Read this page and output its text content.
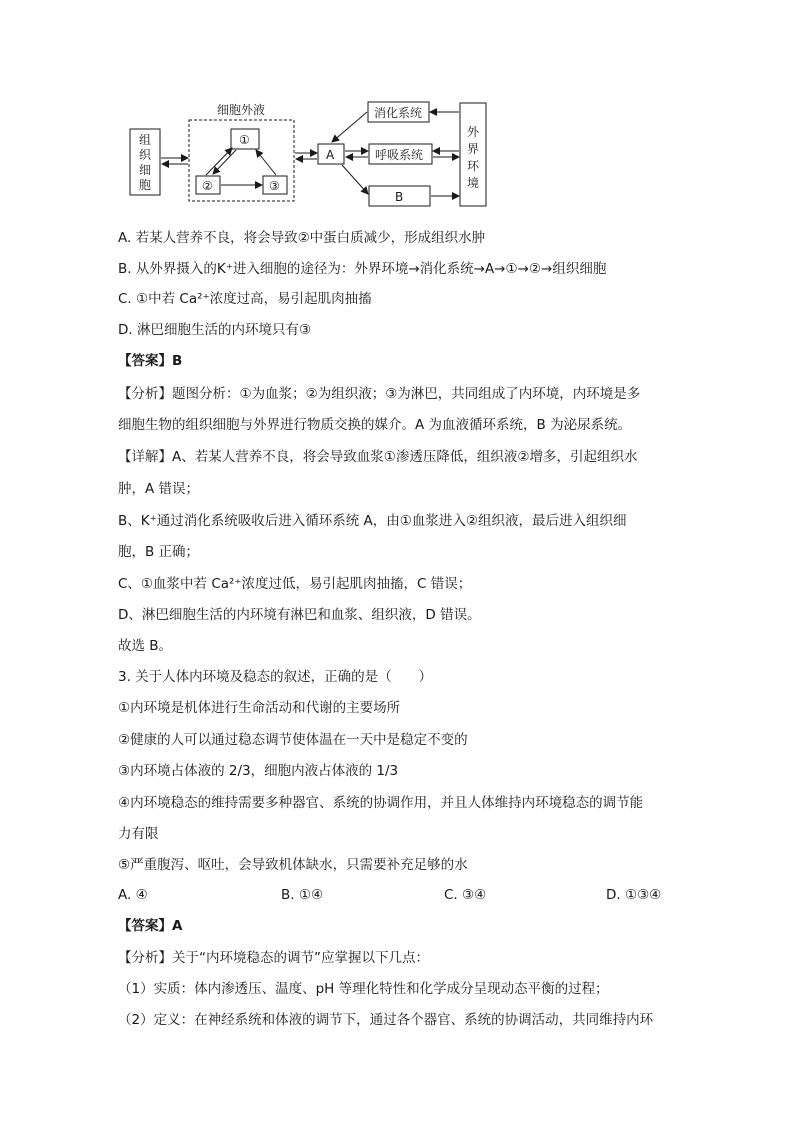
细胞外液
组
织
细
胞
①
②	③
A
消化系统
呼吸系统
B
外
界
环
境
A. 若某人营养不良，将会导致②中蛋白质减少，形成组织水肿
B. 从外界摄入的K⁺进入细胞的途径为：外界环境→消化系统→A→①→②→组织细胞
C. ①中若 Ca²⁺浓度过高，易引起肌肉抽搐
D. 淋巴细胞生活的内环境只有③
【答案】B
【分析】题图分析：①为血浆；②为组织液；③为淋巴，共同组成了内环境，内环境是多
细胞生物的组织细胞与外界进行物质交换的媒介。A 为血液循环系统，B 为泌尿系统。
【详解】A、若某人营养不良，将会导致血浆①渗透压降低，组织液②增多，引起组织水
肿，A 错误；
B、K⁺通过消化系统吸收后进入循环系统 A，由①血浆进入②组织液，最后进入组织细
胞，B 正确；
C、①血浆中若 Ca²⁺浓度过低，易引起肌肉抽搐，C 错误；
D、淋巴细胞生活的内环境有淋巴和血浆、组织液，D 错误。
故选 B。
3. 关于人体内环境及稳态的叙述，正确的是（　　）
①内环境是机体进行生命活动和代谢的主要场所
②健康的人可以通过稳态调节使体温在一天中是稳定不变的
③内环境占体液的 2/3，细胞内液占体液的 1/3
④内环境稳态的维持需要多种器官、系统的协调作用，并且人体维持内环境稳态的调节能
力有限
⑤严重腹泻、呕吐，会导致机体缺水，只需要补充足够的水
A. ④	B. ①④	C. ③④	D. ①③④
【答案】A
【分析】关于“内环境稳态的调节”应掌握以下几点：
（1）实质：体内渗透压、温度、pH 等理化特性和化学成分呈现动态平衡的过程；
（2）定义：在神经系统和体液的调节下，通过各个器官、系统的协调活动，共同维持内环
